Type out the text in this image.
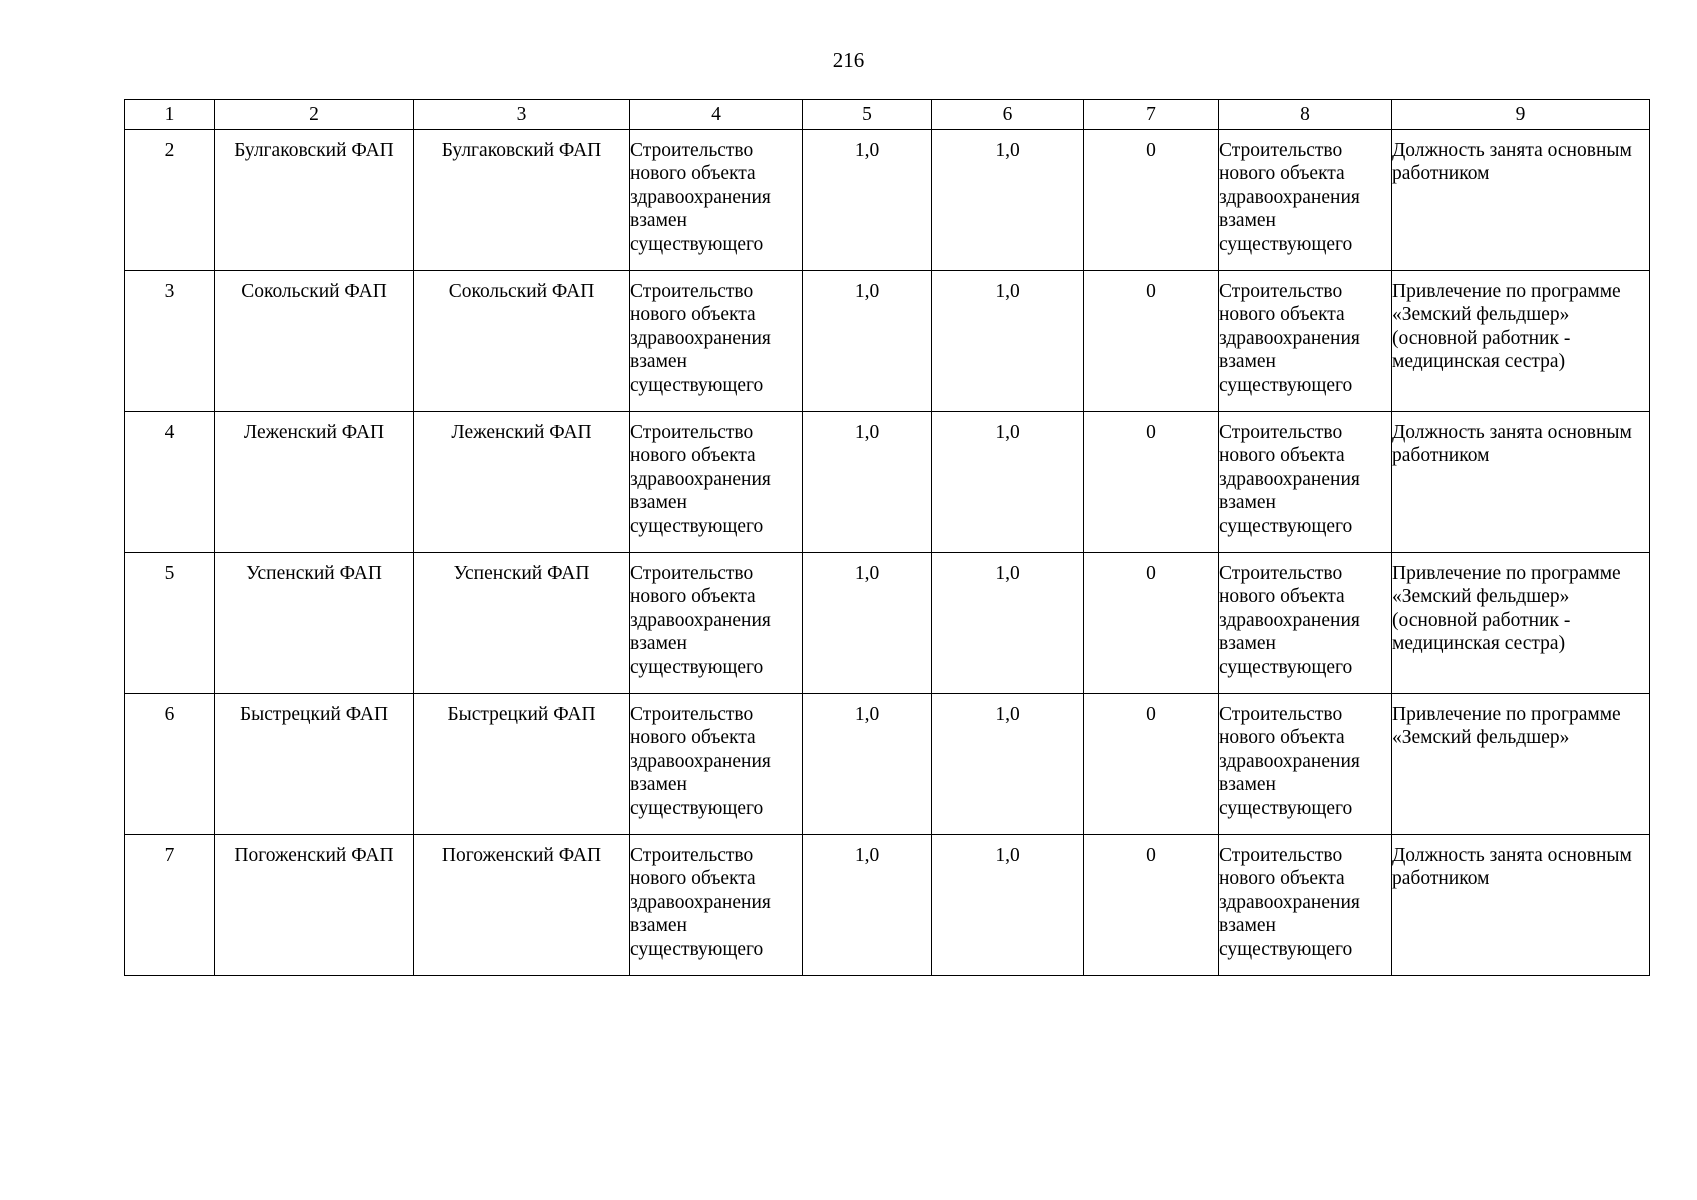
216
1	2	3	4	5	6	7	8	9
2	Булгаковский ФАП	Булгаковский ФАП	Строительство нового объекта здравоохранения взамен существующего	1,0	1,0	0	Строительство нового объекта здравоохранения взамен существующего	Должность занята основным работником
3	Сокольский ФАП	Сокольский ФАП	Строительство нового объекта здравоохранения взамен существующего	1,0	1,0	0	Строительство нового объекта здравоохранения взамен существующего	Привлечение по программе «Земский фельдшер» (основной работник - медицинская сестра)
4	Леженский ФАП	Леженский ФАП	Строительство нового объекта здравоохранения взамен существующего	1,0	1,0	0	Строительство нового объекта здравоохранения взамен существующего	Должность занята основным работником
5	Успенский ФАП	Успенский ФАП	Строительство нового объекта здравоохранения взамен существующего	1,0	1,0	0	Строительство нового объекта здравоохранения взамен существующего	Привлечение по программе «Земский фельдшер» (основной работник - медицинская сестра)
6	Быстрецкий ФАП	Быстрецкий ФАП	Строительство нового объекта здравоохранения взамен существующего	1,0	1,0	0	Строительство нового объекта здравоохранения взамен существующего	Привлечение по программе «Земский фельдшер»
7	Погоженский ФАП	Погоженский ФАП	Строительство нового объекта здравоохранения взамен существующего	1,0	1,0	0	Строительство нового объекта здравоохранения взамен существующего	Должность занята основным работником
